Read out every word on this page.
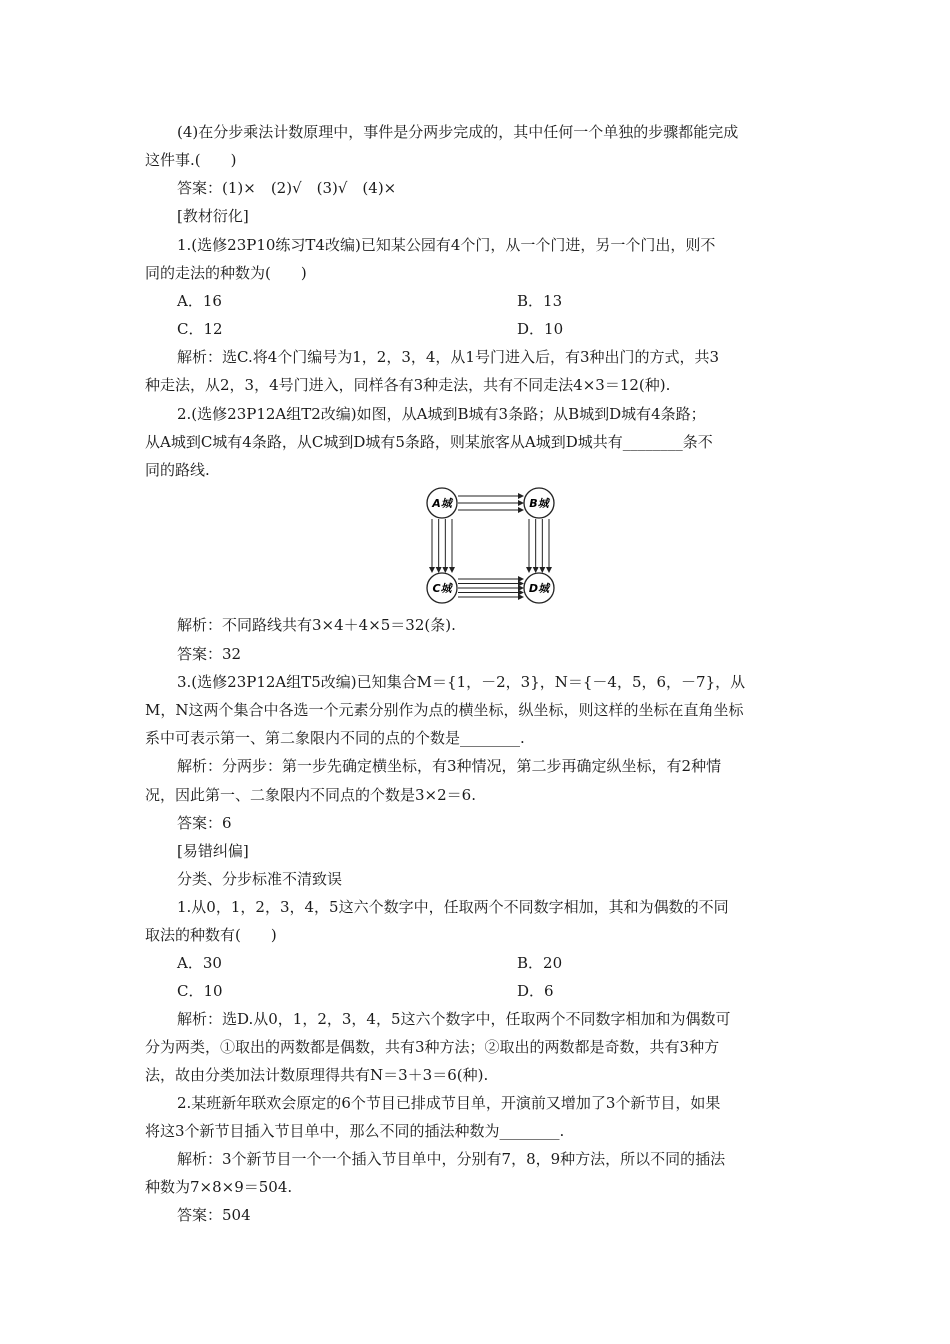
(4)在分步乘法计数原理中，事件是分两步完成的，其中任何一个单独的步骤都能完成
这件事.(　　)
答案：(1)×　(2)√　(3)√　(4)×
[教材衍化]
1.(选修23P10练习T4改编)已知某公园有4个门，从一个门进，另一个门出，则不
同的走法的种数为(　　)
A．16	B．13
C．12	D．10
解析：选C.将4个门编号为1，2，3，4，从1号门进入后，有3种出门的方式，共3
种走法，从2，3，4号门进入，同样各有3种走法，共有不同走法4×3＝12(种).
2.(选修23P12A组T2改编)如图，从A城到B城有3条路；从B城到D城有4条路；
从A城到C城有4条路，从C城到D城有5条路，则某旅客从A城到D城共有________条不
同的路线.
A城	B城
C城	D城
解析：不同路线共有3×4＋4×5＝32(条).
答案：32
3.(选修23P12A组T5改编)已知集合M＝{1，－2，3}，N＝{－4，5，6，－7}，从
M，N这两个集合中各选一个元素分别作为点的横坐标，纵坐标，则这样的坐标在直角坐标
系中可表示第一、第二象限内不同的点的个数是________.
解析：分两步：第一步先确定横坐标，有3种情况，第二步再确定纵坐标，有2种情
况，因此第一、二象限内不同点的个数是3×2＝6.
答案：6
[易错纠偏]
分类、分步标准不清致误
1.从0，1，2，3，4，5这六个数字中，任取两个不同数字相加，其和为偶数的不同
取法的种数有(　　)
A．30	B．20
C．10	D．6
解析：选D.从0，1，2，3，4，5这六个数字中，任取两个不同数字相加和为偶数可
分为两类，①取出的两数都是偶数，共有3种方法；②取出的两数都是奇数，共有3种方
法，故由分类加法计数原理得共有N＝3＋3＝6(种).
2.某班新年联欢会原定的6个节目已排成节目单，开演前又增加了3个新节目，如果
将这3个新节目插入节目单中，那么不同的插法种数为________.
解析：3个新节目一个一个插入节目单中，分别有7，8，9种方法，所以不同的插法
种数为7×8×9＝504.
答案：504
